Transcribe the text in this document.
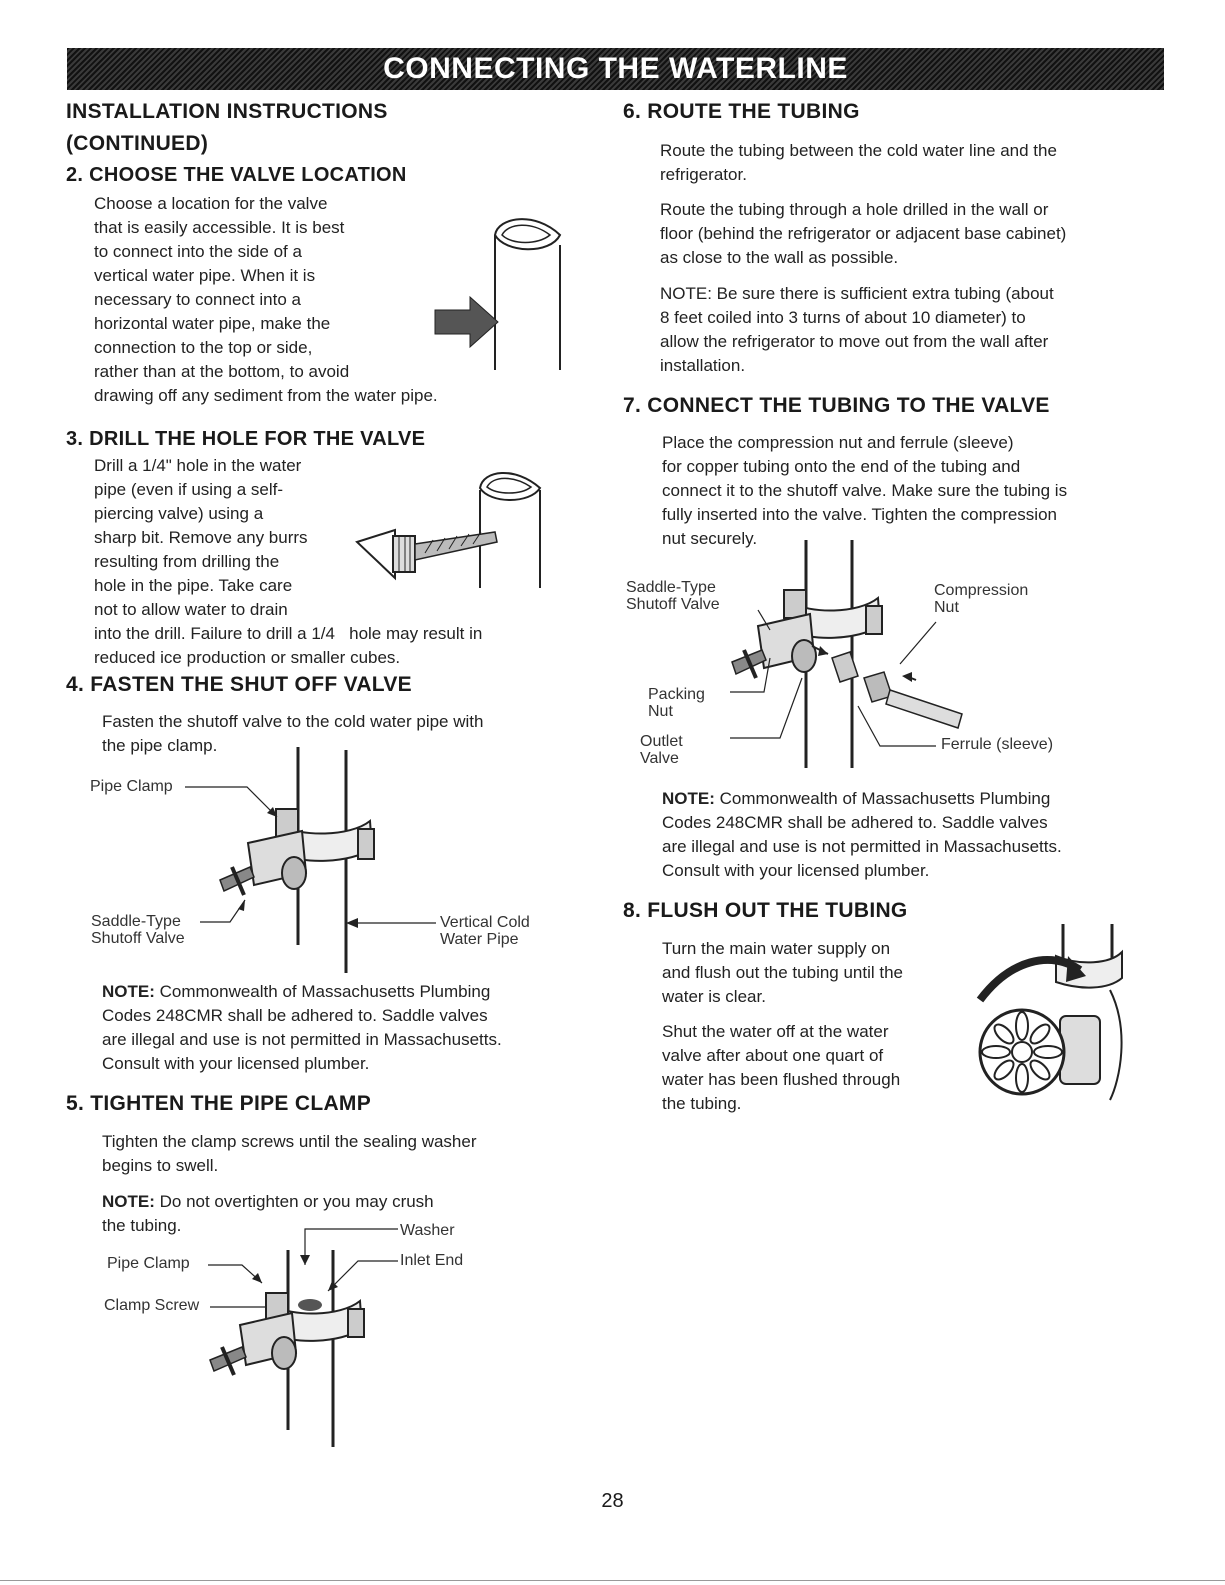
CONNECTING THE WATERLINE
INSTALLATION INSTRUCTIONS
(CONTINUED)
2. CHOOSE THE VALVE LOCATION
Choose a location for the valve
that is easily accessible. It is best
to connect into the side of a
vertical water pipe. When it is
necessary to connect into a
horizontal water pipe, make the
connection to the top or side,
rather than at the bottom, to avoid
drawing off any sediment from the water pipe.
3. DRILL THE HOLE FOR THE VALVE
Drill a 1/4" hole in the water
pipe (even if using a self-
piercing valve) using a
sharp bit. Remove any burrs
resulting from drilling the
hole in the pipe. Take care
not to allow water to drain
into the drill. Failure to drill a 1/4   hole may result in
reduced ice production or smaller cubes.
4. FASTEN THE SHUT OFF VALVE
Fasten the shutoff valve to the cold water pipe with
the pipe clamp.
Pipe Clamp
Saddle-Type
Shutoff Valve
Vertical Cold
Water Pipe
NOTE: Commonwealth of Massachusetts Plumbing
Codes 248CMR shall be adhered to. Saddle valves
are illegal and use is not permitted in Massachusetts.
Consult with your licensed plumber.
5. TIGHTEN THE PIPE CLAMP
Tighten the clamp screws until the sealing washer
begins to swell.
NOTE: Do not overtighten or you may crush
the tubing.	Washer
Pipe Clamp	Inlet End
Clamp Screw
6. ROUTE THE TUBING
Route the tubing between the cold water line and the
refrigerator.
Route the tubing through a hole drilled in the wall or
floor (behind the refrigerator or adjacent base cabinet)
as close to the wall as possible.
NOTE: Be sure there is sufficient extra tubing (about
8 feet coiled into 3 turns of about 10 diameter) to
allow the refrigerator to move out from the wall after
installation.
7. CONNECT THE TUBING TO THE VALVE
Place the compression nut and ferrule (sleeve)
for copper tubing onto the end of the tubing and
connect it to the shutoff valve. Make sure the tubing is
fully inserted into the valve. Tighten the compression
nut securely.
Saddle-Type
Shutoff Valve
Compression
Nut
Packing
Nut
Outlet
Valve
Ferrule (sleeve)
NOTE: Commonwealth of Massachusetts Plumbing
Codes 248CMR shall be adhered to. Saddle valves
are illegal and use is not permitted in Massachusetts.
Consult with your licensed plumber.
8. FLUSH OUT THE TUBING
Turn the main water supply on
and flush out the tubing until the
water is clear.
Shut the water off at the water
valve after about one quart of
water has been flushed through
the tubing.
28
